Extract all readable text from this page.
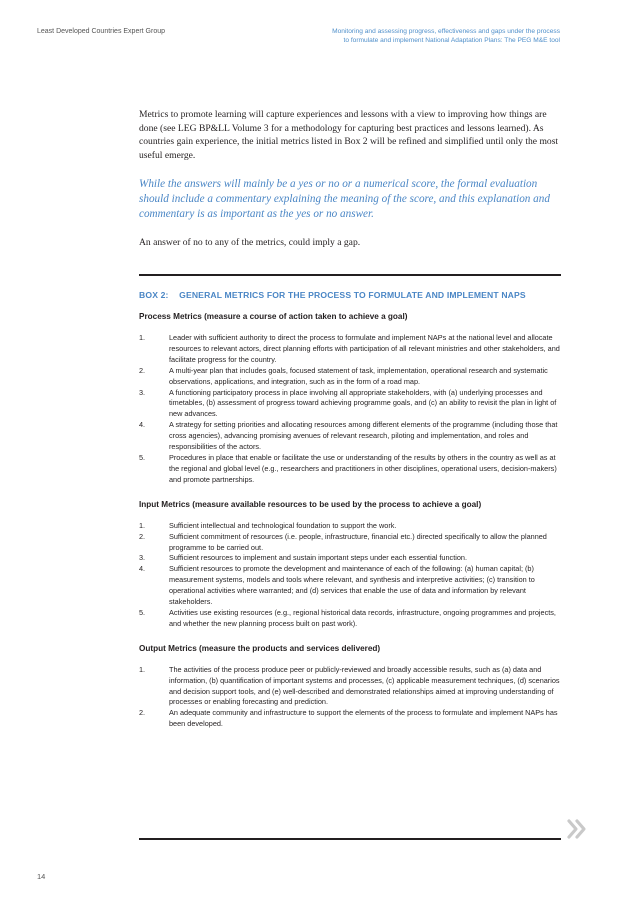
Least Developed Countries Expert Group	Monitoring and assessing progress, effectiveness and gaps under the process
to formulate and implement National Adaptation Plans: The PEG M&E tool

Metrics to promote learning will capture experiences and lessons with a view to improving how things are done (see LEG BP&LL Volume 3 for a methodology for capturing best practices and lessons learned). As countries gain experience, the initial metrics listed in Box 2 will be refined and simplified until only the most useful emerge.

While the answers will mainly be a yes or no or a numerical score, the formal evaluation should include a commentary explaining the meaning of the score, and this explanation and commentary is as important as the yes or no answer.

An answer of no to any of the metrics, could imply a gap.

BOX 2: GENERAL METRICS FOR THE PROCESS TO FORMULATE AND IMPLEMENT NAPS
Process Metrics (measure a course of action taken to achieve a goal)
1.	Leader with sufficient authority to direct the process to formulate and implement NAPs at the national level and allocate resources to relevant actors, direct planning efforts with participation of all relevant ministries and other stakeholders, and facilitate progress for the country.
2.	A multi-year plan that includes goals, focused statement of task, implementation, operational research and systematic observations, applications, and integration, such as in the form of a road map.
3.	A functioning participatory process in place involving all appropriate stakeholders, with (a) underlying processes and timetables, (b) assessment of progress toward achieving programme goals, and (c) an ability to revisit the plan in light of new advances.
4.	A strategy for setting priorities and allocating resources among different elements of the programme (including those that cross agencies), advancing promising avenues of relevant research, piloting and implementation, and roles and responsibilities of the actors.
5.	Procedures in place that enable or facilitate the use or understanding of the results by others in the country as well as at the regional and global level (e.g., researchers and practitioners in other disciplines, operational users, decision-makers) and promote partnerships.
Input Metrics (measure available resources to be used by the process to achieve a goal)
1.	Sufficient intellectual and technological foundation to support the work.
2.	Sufficient commitment of resources (i.e. people, infrastructure, financial etc.) directed specifically to allow the planned programme to be carried out.
3.	Sufficient resources to implement and sustain important steps under each essential function.
4.	Sufficient resources to promote the development and maintenance of each of the following: (a) human capital; (b) measurement systems, models and tools where relevant, and synthesis and interpretive activities; (c) transition to operational activities where warranted; and (d) services that enable the use of data and information by relevant stakeholders.
5.	Activities use existing resources (e.g., regional historical data records, infrastructure, ongoing programmes and projects, and whether the new planning process built on past work).
Output Metrics (measure the products and services delivered)
1.	The activities of the process produce peer or publicly-reviewed and broadly accessible results, such as (a) data and information, (b) quantification of important systems and processes, (c) applicable measurement techniques, (d) scenarios and decision support tools, and (e) well-described and demonstrated relationships aimed at improving understanding of processes or enabling forecasting and prediction.
2.	An adequate community and infrastructure to support the elements of the process to formulate and implement NAPs has been developed.
14
